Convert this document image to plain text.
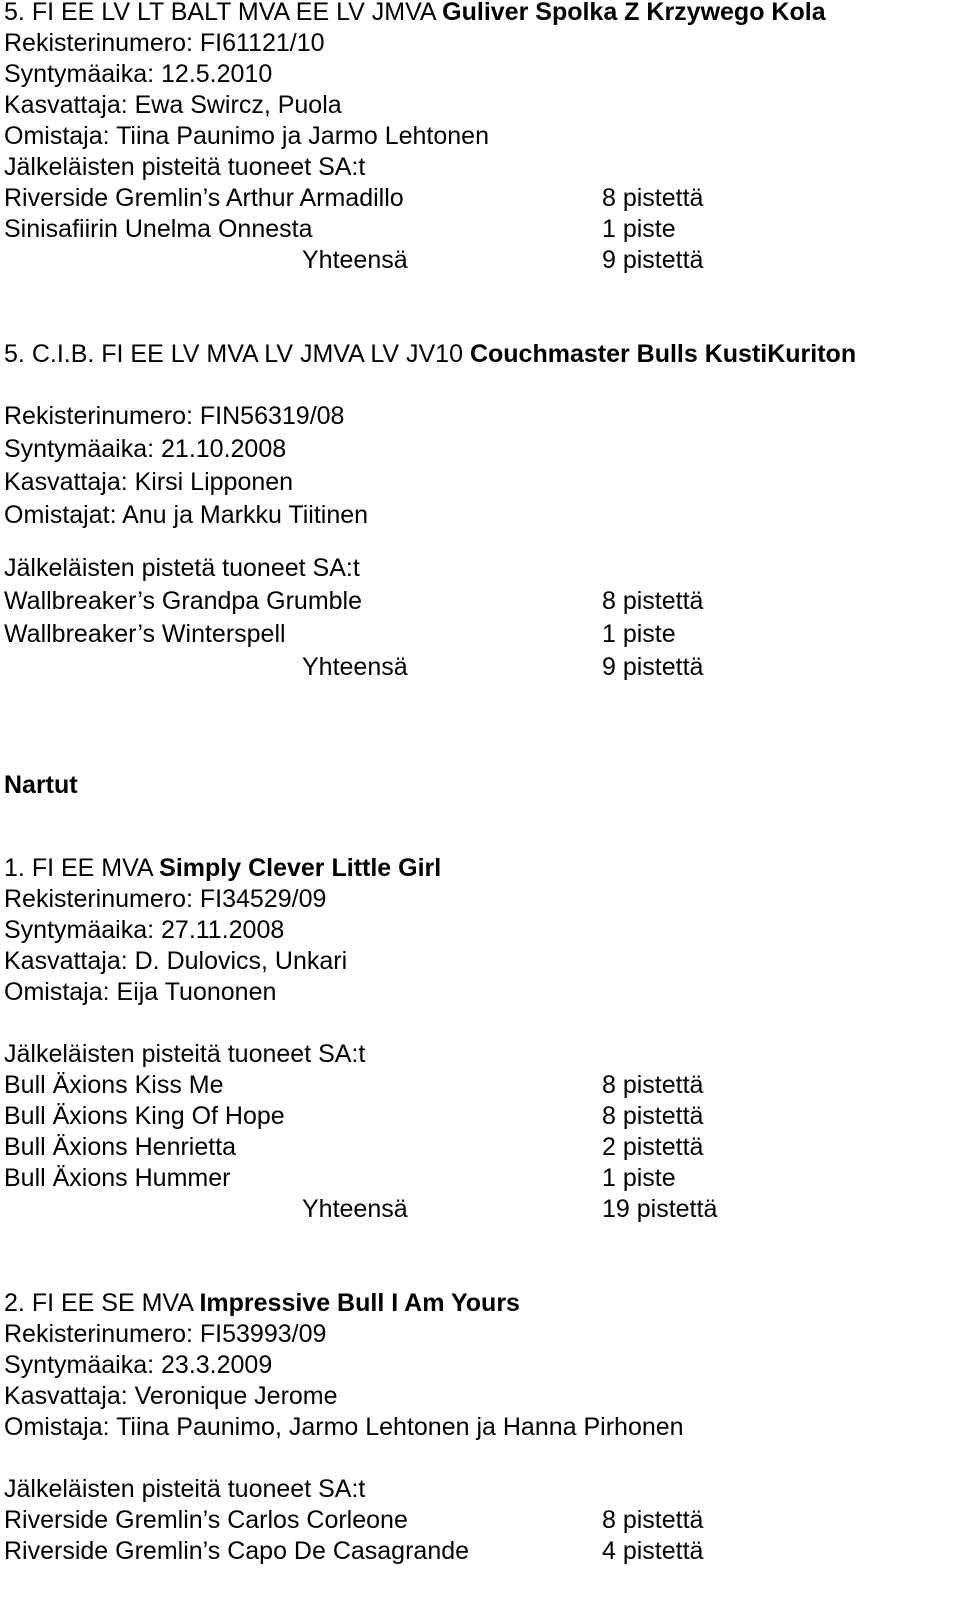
5. FI EE LV LT BALT MVA EE LV JMVA Guliver Spolka Z Krzywego Kola
Rekisterinumero: FI61121/10
Syntymäaika: 12.5.2010
Kasvattaja: Ewa Swircz, Puola
Omistaja: Tiina Paunimo ja Jarmo Lehtonen
Jälkeläisten pisteitä tuoneet SA:t
Riverside Gremlin’s Arthur Armadillo	8 pistettä
Sinisafiirin Unelma Onnesta	1 piste
Yhteensä	9 pistettä
5. C.I.B. FI EE LV MVA LV JMVA LV JV10 Couchmaster Bulls KustiKuriton
Rekisterinumero: FIN56319/08
Syntymäaika: 21.10.2008
Kasvattaja: Kirsi Lipponen
Omistajat: Anu ja Markku Tiitinen
Jälkeläisten pistetä tuoneet SA:t
Wallbreaker’s Grandpa Grumble	8 pistettä
Wallbreaker’s Winterspell	1 piste
Yhteensä	9 pistettä
Nartut
1. FI EE MVA Simply Clever Little Girl
Rekisterinumero: FI34529/09
Syntymäaika: 27.11.2008
Kasvattaja: D. Dulovics, Unkari
Omistaja: Eija Tuononen
Jälkeläisten pisteitä tuoneet SA:t
Bull Äxions Kiss Me	8 pistettä
Bull Äxions King Of Hope	8 pistettä
Bull Äxions Henrietta	2 pistettä
Bull Äxions Hummer	1 piste
Yhteensä	19 pistettä
2. FI EE SE MVA Impressive Bull I Am Yours
Rekisterinumero: FI53993/09
Syntymäaika: 23.3.2009
Kasvattaja: Veronique Jerome
Omistaja: Tiina Paunimo, Jarmo Lehtonen ja Hanna Pirhonen
Jälkeläisten pisteitä tuoneet SA:t
Riverside Gremlin’s Carlos Corleone	8 pistettä
Riverside Gremlin’s Capo De Casagrande	4 pistettä
